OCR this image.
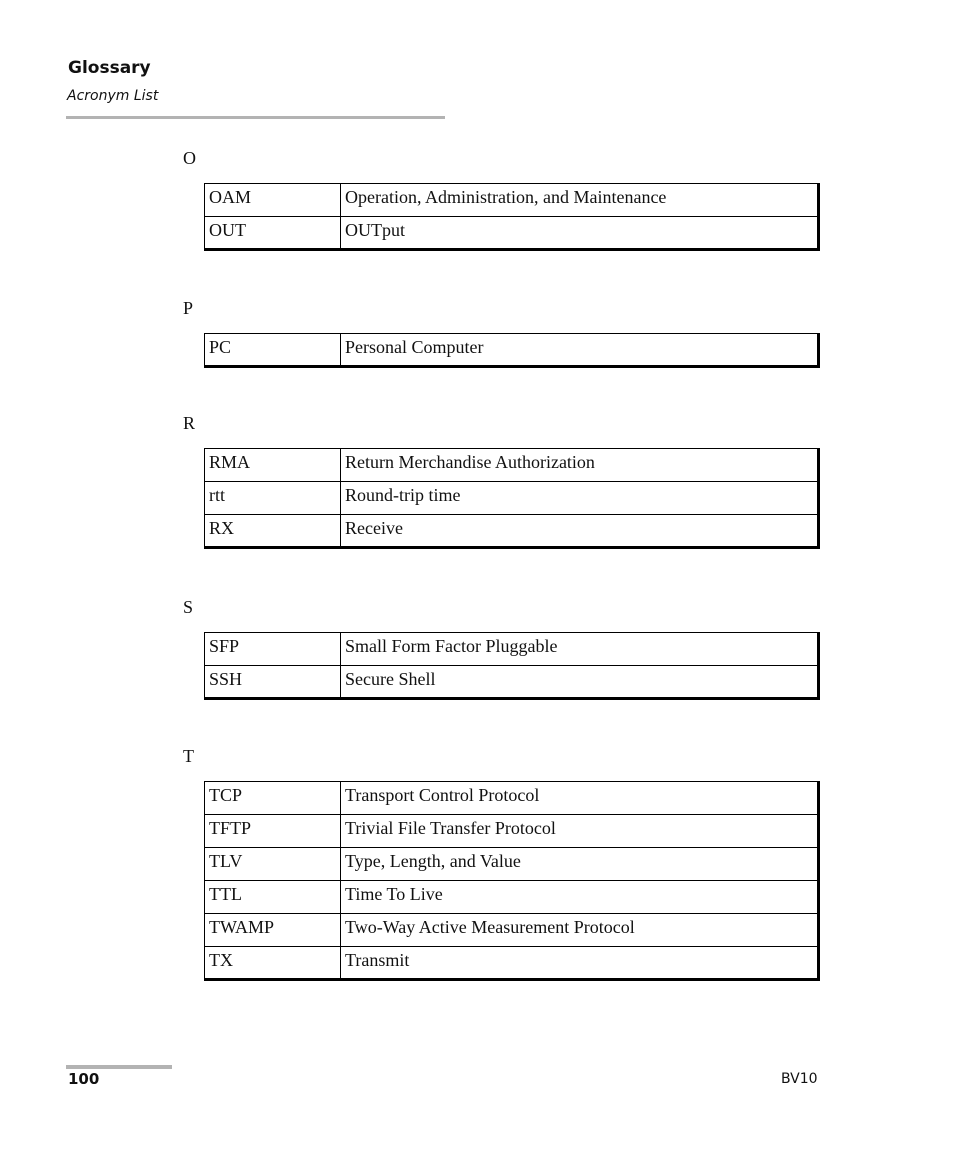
Glossary
Acronym List
O
OAM	Operation, Administration, and Maintenance
OUT	OUTput
P
PC	Personal Computer
R
RMA	Return Merchandise Authorization
rtt	Round-trip time
RX	Receive
S
SFP	Small Form Factor Pluggable
SSH	Secure Shell
T
TCP	Transport Control Protocol
TFTP	Trivial File Transfer Protocol
TLV	Type, Length, and Value
TTL	Time To Live
TWAMP	Two-Way Active Measurement Protocol
TX	Transmit
100	BV10
